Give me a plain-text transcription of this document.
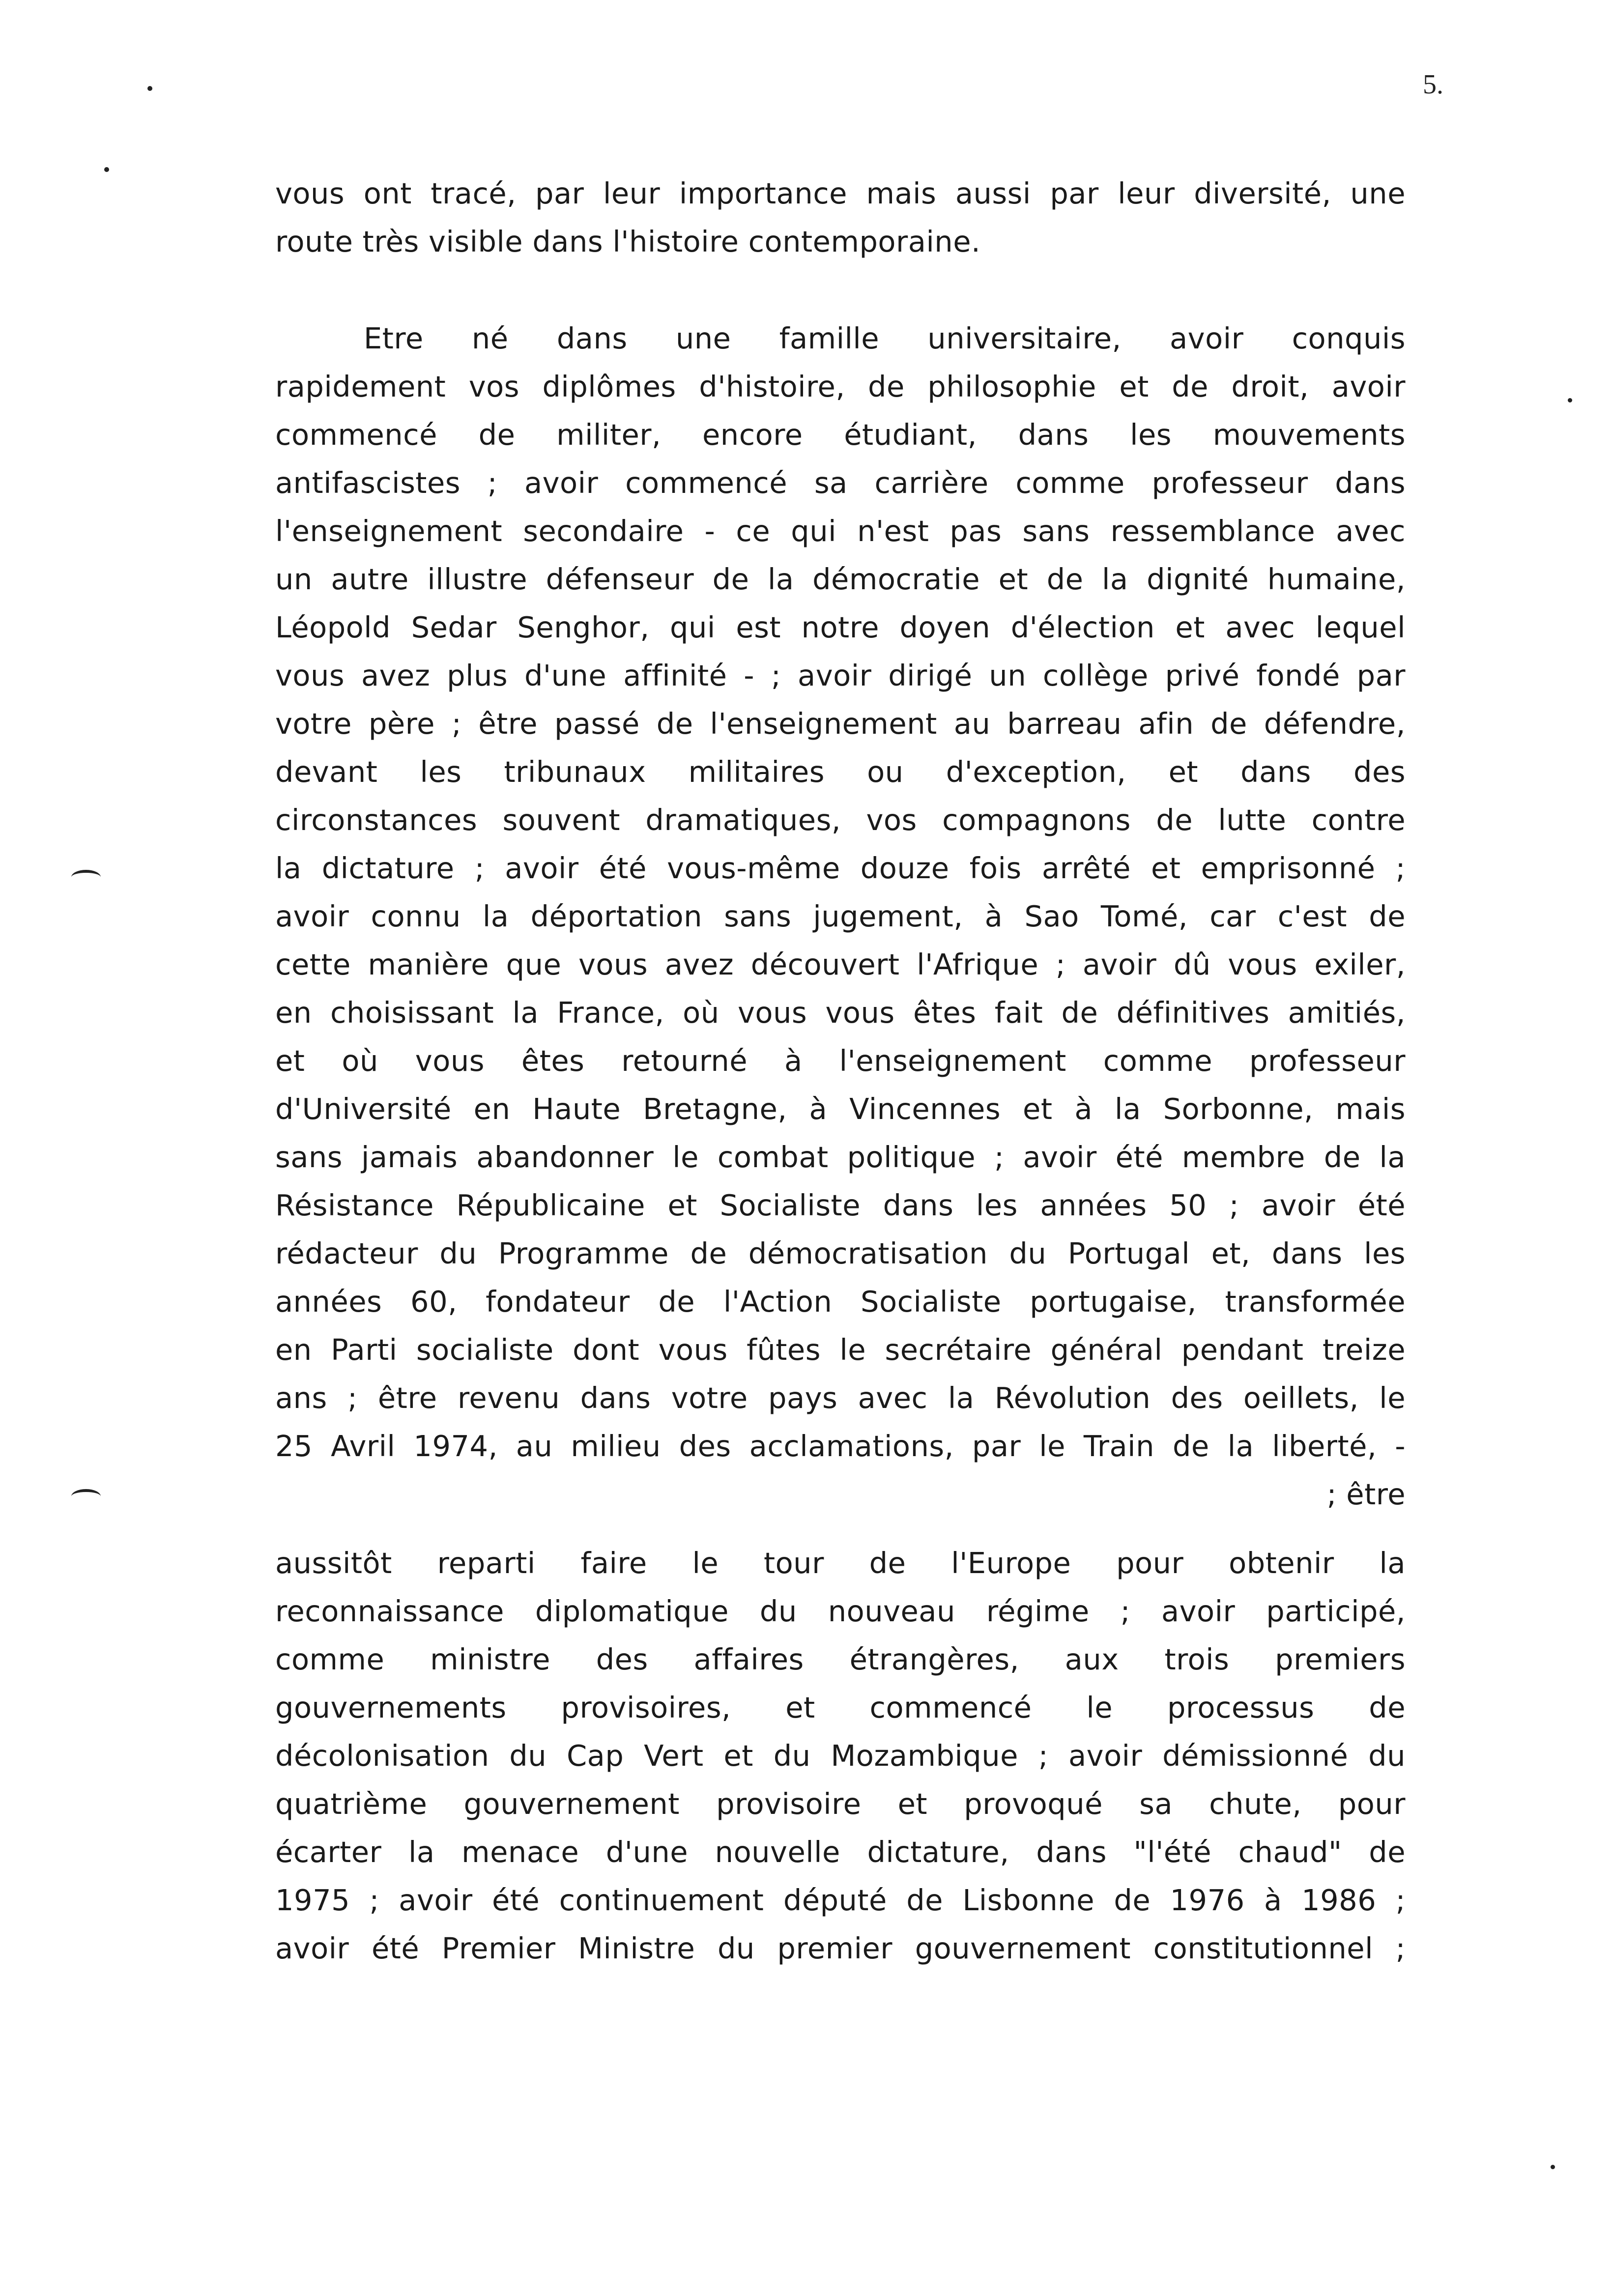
5.
vous ont tracé, par leur importance mais aussi par leur diversité, une
route très visible dans l'histoire contemporaine.
Etre né dans une famille universitaire, avoir conquis
rapidement vos diplômes d'histoire, de philosophie et de droit, avoir
commencé de militer, encore étudiant, dans les mouvements
antifascistes ; avoir commencé sa carrière comme professeur dans
l'enseignement secondaire - ce qui n'est pas sans ressemblance avec
un autre illustre défenseur de la démocratie et de la dignité humaine,
Léopold Sedar Senghor, qui est notre doyen d'élection et avec lequel
vous avez plus d'une affinité - ; avoir dirigé un collège privé fondé par
votre père ; être passé de l'enseignement au barreau afin de défendre,
devant les tribunaux militaires ou d'exception, et dans des
circonstances souvent dramatiques, vos compagnons de lutte contre
la dictature ; avoir été vous-même douze fois arrêté et emprisonné ;
avoir connu la déportation sans jugement, à Sao Tomé, car c'est de
cette manière que vous avez découvert l'Afrique ; avoir dû vous exiler,
en choisissant la France, où vous vous êtes fait de définitives amitiés,
et où vous êtes retourné à l'enseignement comme professeur
d'Université en Haute Bretagne, à Vincennes et à la Sorbonne, mais
sans jamais abandonner le combat politique ; avoir été membre de la
Résistance Républicaine et Socialiste dans les années 50 ; avoir été
rédacteur du Programme de démocratisation du Portugal et, dans les
années 60, fondateur de l'Action Socialiste portugaise, transformée
en Parti socialiste dont vous fûtes le secrétaire général pendant treize
ans ; être revenu dans votre pays avec la Révolution des oeillets, le
25 Avril 1974, au milieu des acclamations, par le Train de la liberté, -
; être
aussitôt reparti faire le tour de l'Europe pour obtenir la
reconnaissance diplomatique du nouveau régime ; avoir participé,
comme ministre des affaires étrangères, aux trois premiers
gouvernements provisoires, et commencé le processus de
décolonisation du Cap Vert et du Mozambique ; avoir démissionné du
quatrième gouvernement provisoire et provoqué sa chute, pour
écarter la menace d'une nouvelle dictature, dans "l'été chaud" de
1975 ; avoir été continuement député de Lisbonne de 1976 à 1986 ;
avoir été Premier Ministre du premier gouvernement constitutionnel ;
